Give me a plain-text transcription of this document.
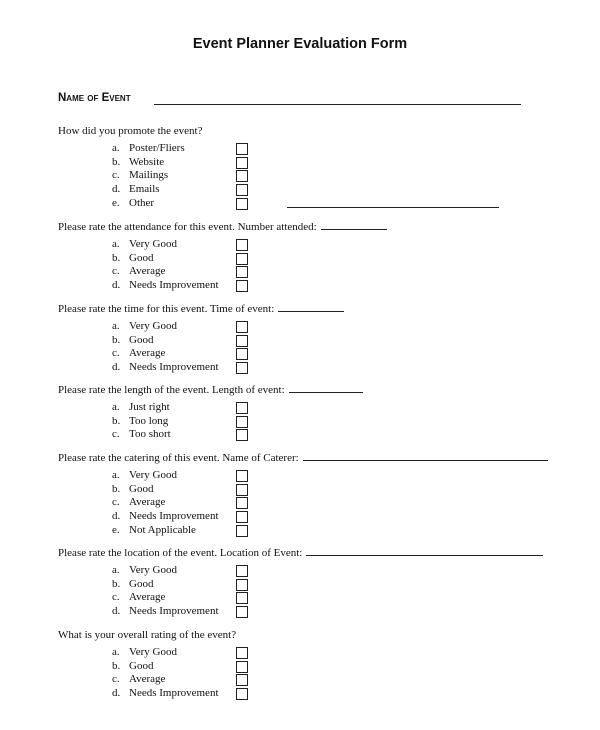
Event Planner Evaluation Form
Name of Event
How did you promote the event?
a. Poster/Fliers
b. Website
c. Mailings
d. Emails
e. Other
Please rate the attendance for this event. Number attended:
a. Very Good
b. Good
c. Average
d. Needs Improvement
Please rate the time for this event. Time of event:
a. Very Good
b. Good
c. Average
d. Needs Improvement
Please rate the length of the event. Length of event:
a. Just right
b. Too long
c. Too short
Please rate the catering of this event. Name of Caterer:
a. Very Good
b. Good
c. Average
d. Needs Improvement
e. Not Applicable
Please rate the location of the event. Location of Event:
a. Very Good
b. Good
c. Average
d. Needs Improvement
What is your overall rating of the event?
a. Very Good
b. Good
c. Average
d. Needs Improvement
